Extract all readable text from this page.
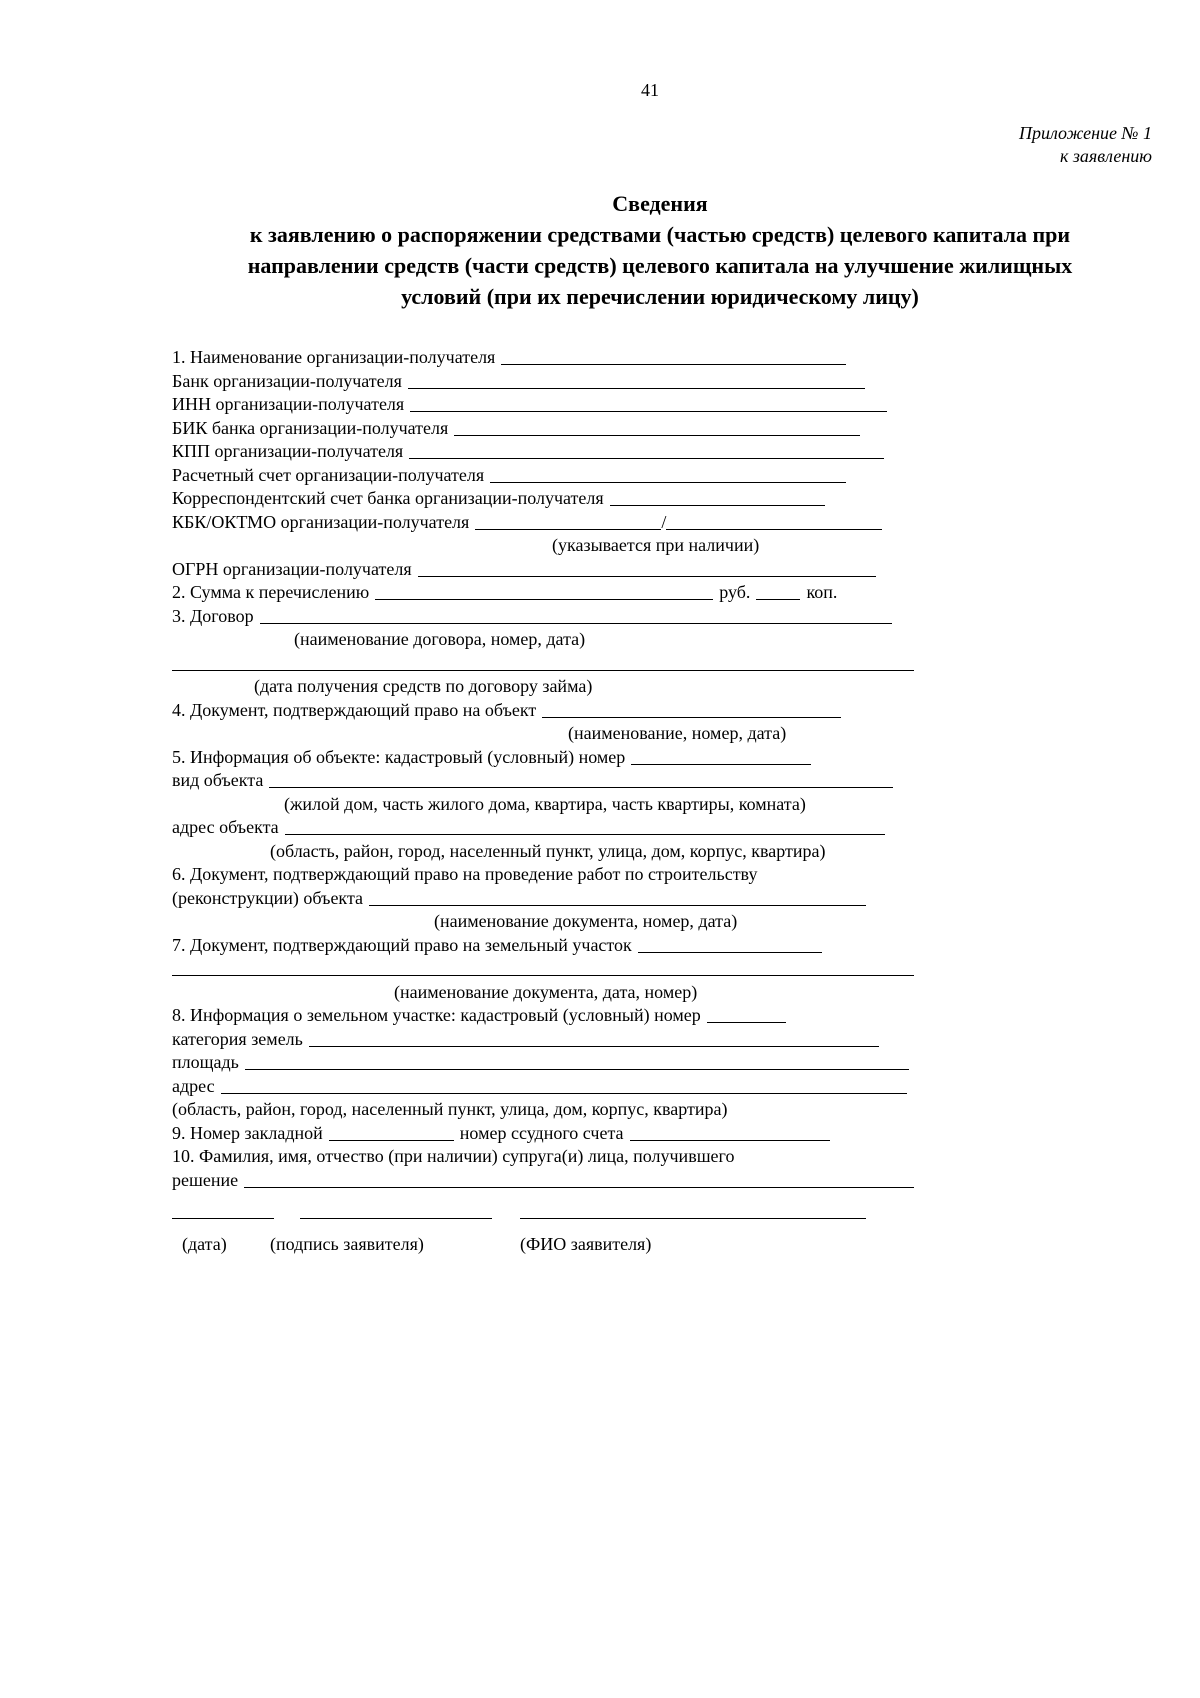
41
Приложение № 1
к заявлению
Сведения
к заявлению о распоряжении средствами (частью средств) целевого капитала при
направлении средств (части средств) целевого капитала на улучшение жилищных
условий (при их перечислении юридическому лицу)
1. Наименование организации-получателя
Банк организации-получателя
ИНН организации-получателя
БИК банка организации-получателя
КПП организации-получателя
Расчетный счет организации-получателя
Корреспондентский счет банка организации-получателя
КБК/ОКТМО организации-получателя	/
(указывается при наличии)
ОГРН организации-получателя
2. Сумма к перечислению	руб.	коп.
3. Договор
(наименование договора, номер, дата)
(дата получения средств по договору займа)
4. Документ, подтверждающий право на объект
(наименование, номер, дата)
5. Информация об объекте: кадастровый (условный) номер
вид объекта
(жилой дом, часть жилого дома, квартира, часть квартиры, комната)
адрес объекта
(область, район, город, населенный пункт, улица, дом, корпус, квартира)
6. Документ, подтверждающий право на проведение работ по строительству
(реконструкции) объекта
(наименование документа, номер, дата)
7. Документ, подтверждающий право на земельный участок
(наименование документа, дата, номер)
8. Информация о земельном участке: кадастровый (условный) номер
категория земель
площадь
адрес
(область, район, город, населенный пункт, улица, дом, корпус, квартира)
9. Номер закладной	номер ссудного счета
10. Фамилия, имя, отчество (при наличии) супруга(и) лица, получившего
решение
(дата) (подпись заявителя)	(ФИО заявителя)
